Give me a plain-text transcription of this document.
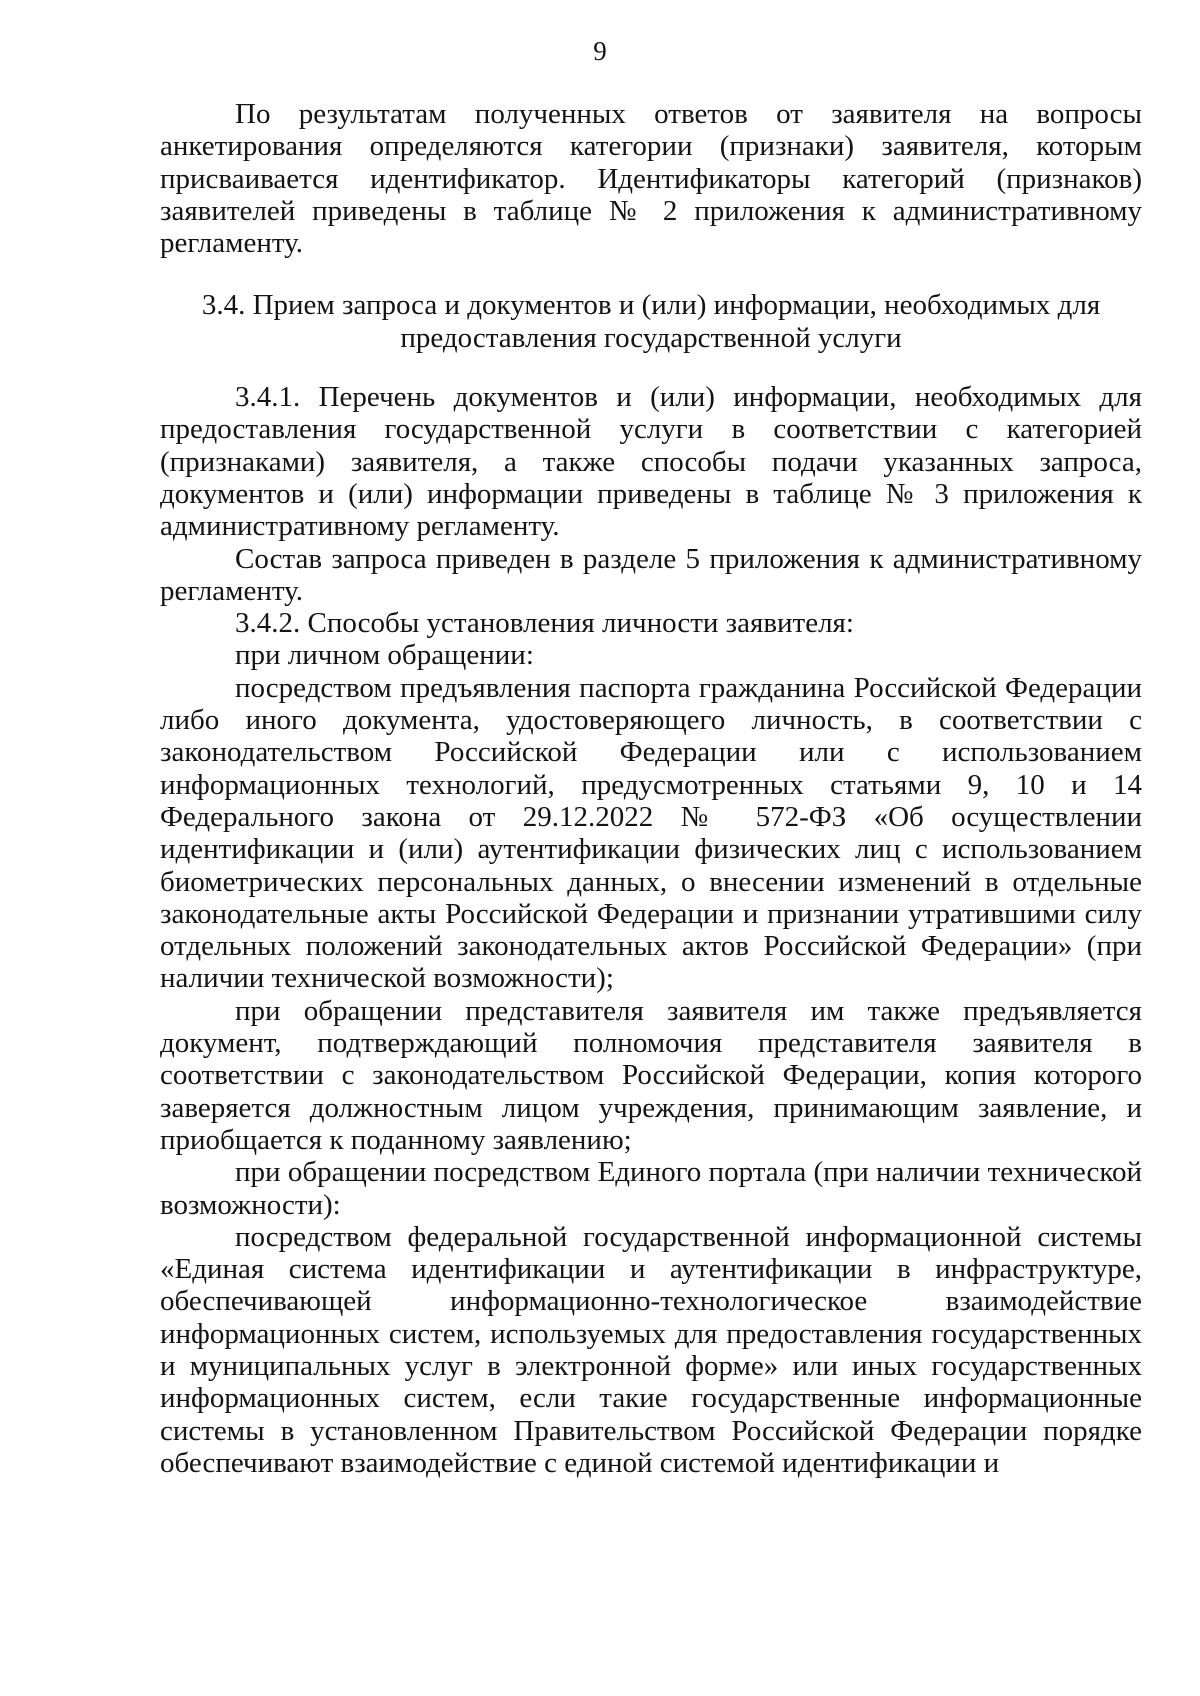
9

По результатам полученных ответов от заявителя на вопросы анкетирования определяются категории (признаки) заявителя, которым присваивается идентификатор. Идентификаторы категорий (признаков) заявителей приведены в таблице № 2 приложения к административному регламенту.

3.4. Прием запроса и документов и (или) информации, необходимых для предоставления государственной услуги

3.4.1. Перечень документов и (или) информации, необходимых для предоставления государственной услуги в соответствии с категорией (признаками) заявителя, а также способы подачи указанных запроса, документов и (или) информации приведены в таблице № 3 приложения к административному регламенту.

Состав запроса приведен в разделе 5 приложения к административному регламенту.

3.4.2. Способы установления личности заявителя:

при личном обращении:

посредством предъявления паспорта гражданина Российской Федерации либо иного документа, удостоверяющего личность, в соответствии с законодательством Российской Федерации или с использованием информационных технологий, предусмотренных статьями 9, 10 и 14 Федерального закона от 29.12.2022 № 572-ФЗ «Об осуществлении идентификации и (или) аутентификации физических лиц с использованием биометрических персональных данных, о внесении изменений в отдельные законодательные акты Российской Федерации и признании утратившими силу отдельных положений законодательных актов Российской Федерации» (при наличии технической возможности);

при обращении представителя заявителя им также предъявляется документ, подтверждающий полномочия представителя заявителя в соответствии с законодательством Российской Федерации, копия которого заверяется должностным лицом учреждения, принимающим заявление, и приобщается к поданному заявлению;

при обращении посредством Единого портала (при наличии технической возможности):

посредством федеральной государственной информационной системы «Единая система идентификации и аутентификации в инфраструктуре, обеспечивающей информационно-технологическое взаимодействие информационных систем, используемых для предоставления государственных и муниципальных услуг в электронной форме» или иных государственных информационных систем, если такие государственные информационные системы в установленном Правительством Российской Федерации порядке обеспечивают взаимодействие с единой системой идентификации и
